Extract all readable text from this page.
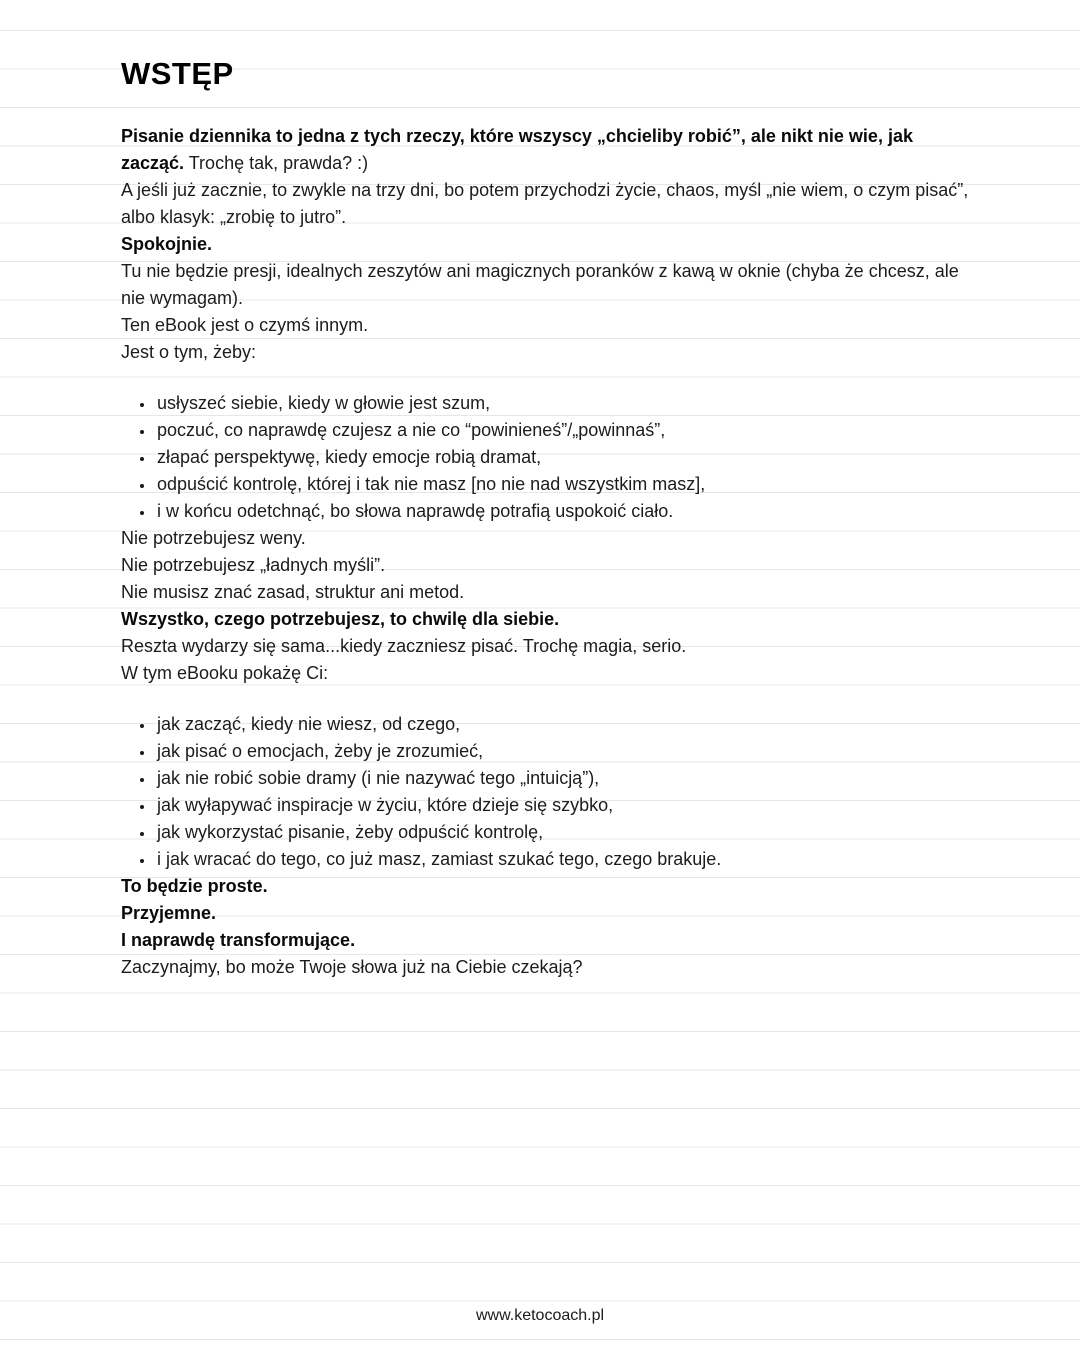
WSTĘP

Pisanie dziennika to jedna z tych rzeczy, które wszyscy „chcieliby robić”, ale nikt nie wie, jak zacząć. Trochę tak, prawda? :)

A jeśli już zacznie, to zwykle na trzy dni, bo potem przychodzi życie, chaos, myśl „nie wiem, o czym pisać”, albo klasyk: „zrobię to jutro”.

Spokojnie.

Tu nie będzie presji, idealnych zeszytów ani magicznych poranków z kawą w oknie (chyba że chcesz, ale nie wymagam).

Ten eBook jest o czymś innym.

Jest o tym, żeby:

• usłyszeć siebie, kiedy w głowie jest szum,
• poczuć, co naprawdę czujesz a nie co “powinieneś”/„powinnaś”,
• złapać perspektywę, kiedy emocje robią dramat,
• odpuścić kontrolę, której i tak nie masz [no nie nad wszystkim masz],
• i w końcu odetchnąć, bo słowa naprawdę potrafią uspokoić ciało.

Nie potrzebujesz weny.

Nie potrzebujesz „ładnych myśli”.

Nie musisz znać zasad, struktur ani metod.

Wszystko, czego potrzebujesz, to chwilę dla siebie.

Reszta wydarzy się sama...kiedy zaczniesz pisać. Trochę magia, serio.

W tym eBooku pokażę Ci:

• jak zacząć, kiedy nie wiesz, od czego,
• jak pisać o emocjach, żeby je zrozumieć,
• jak nie robić sobie dramy (i nie nazywać tego „intuicją”),
• jak wyłapywać inspiracje w życiu, które dzieje się szybko,
• jak wykorzystać pisanie, żeby odpuścić kontrolę,
• i jak wracać do tego, co już masz, zamiast szukać tego, czego brakuje.

To będzie proste.

Przyjemne.

I naprawdę transformujące.

Zaczynajmy, bo może Twoje słowa już na Ciebie czekają?

www.ketocoach.pl
